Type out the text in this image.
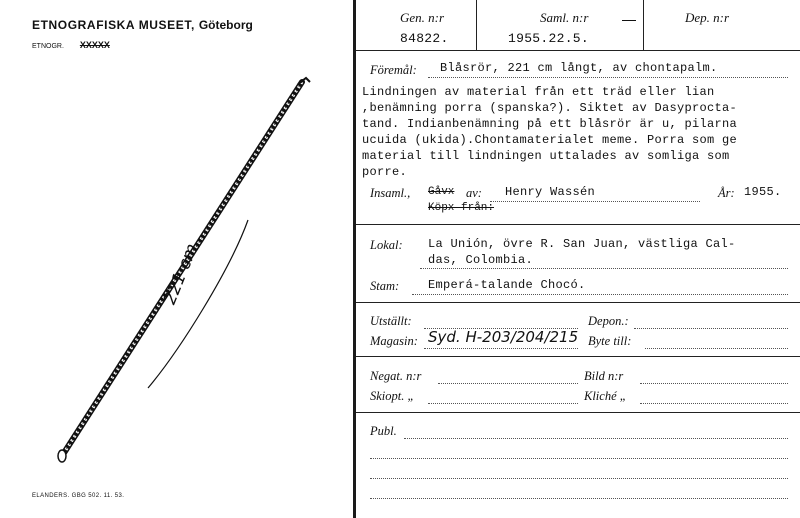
ETNOGRAFISKA MUSEET, Göteborg
ETNOGR. XXXXX
221 cm
ELANDERS. GBG 502. 11. 53.
Gen. n:r
84822.
Saml. n:r
1955.22.5.
Dep. n:r
Föremål: Blåsrör, 221 cm långt, av chontapalm.
Lindningen av material från ett träd eller lian
,benämning porra (spanska?). Siktet av Dasyprocta-
tand. Indianbenämning på ett blåsrör är u, pilarna
ucuida (ukida).Chontamaterialet meme. Porra som ge
material till lindningen uttalades av somliga som
porre.
Insaml., Gåvx av:
Köpx från:
Henry Wassén	År: 1955.
Lokal: La Unión, övre R. San Juan, västliga Cal-
das, Colombia.
Stam: Emperá-talande Chocó.
Utställt:	Depon.:
Magasin: Syd. H-203/204/215 Byte till:
Negat. n:r	Bild n:r
Skiopt. „	Kliché „
Publ.
